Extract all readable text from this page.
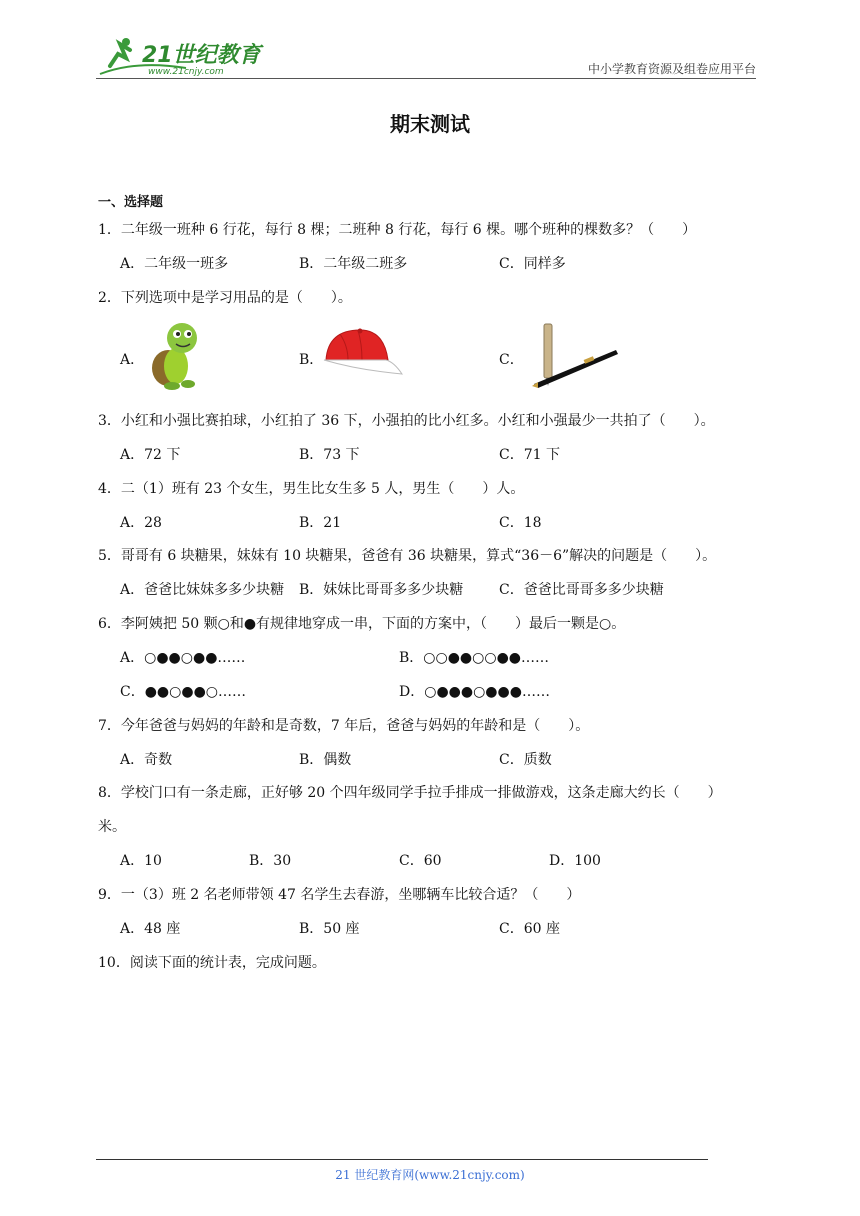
21世纪教育
www.21cnjy.com	中小学教育资源及组卷应用平台
期末测试
一、选择题
1．二年级一班种 6 行花，每行 8 棵；二班种 8 行花，每行 6 棵。哪个班种的棵数多？（　　）
A．二年级一班多	B．二年级二班多	C．同样多
2．下列选项中是学习用品的是（　　）。
A．	B．	C．
3．小红和小强比赛拍球，小红拍了 36 下，小强拍的比小红多。小红和小强最少一共拍了（　　）。
A．72 下	B．73 下	C．71 下
4．二（1）班有 23 个女生，男生比女生多 5 人，男生（　　）人。
A．28	B．21	C．18
5．哥哥有 6 块糖果，妹妹有 10 块糖果，爸爸有 36 块糖果，算式“36－6”解决的问题是（　　）。
A．爸爸比妹妹多多少块糖 B．妹妹比哥哥多多少块糖	C．爸爸比哥哥多多少块糖
6．李阿姨把 50 颗○和●有规律地穿成一串，下面的方案中，（　　）最后一颗是○。
A．○●●○●●……	B．○○●●○○●●……
C．●●○●●○……	D．○●●●○●●●……
7．今年爸爸与妈妈的年龄和是奇数，7 年后，爸爸与妈妈的年龄和是（　　）。
A．奇数	B．偶数	C．质数
8．学校门口有一条走廊，正好够 20 个四年级同学手拉手排成一排做游戏，这条走廊大约长（　　）
米。
A．10	B．30	C．60	D．100
9．一（3）班 2 名老师带领 47 名学生去春游，坐哪辆车比较合适？（　　）
A．48 座	B．50 座	C．60 座
10．阅读下面的统计表，完成问题。
21 世纪教育网(www.21cnjy.com)
